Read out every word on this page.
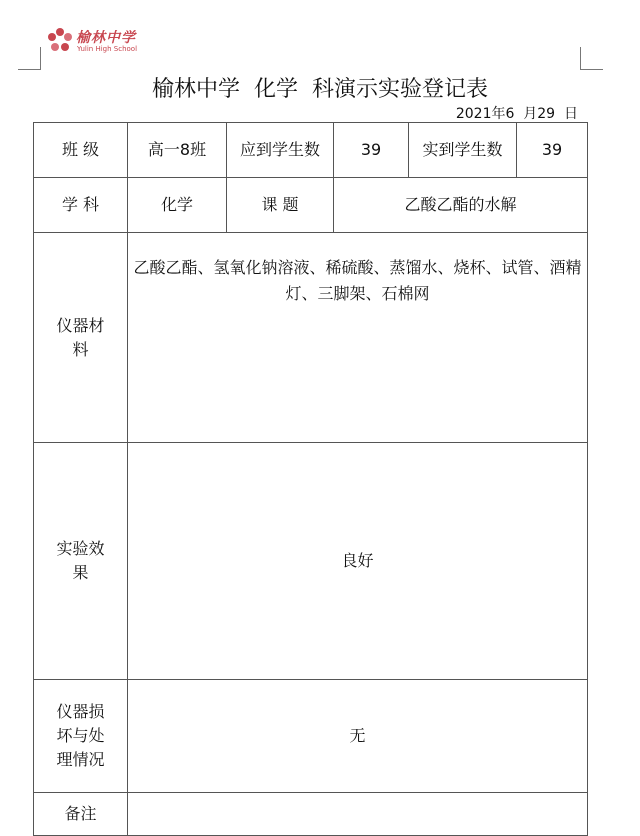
榆林中学
Yulin High School
榆林中学  化学  科演示实验登记表
2021年6  月29  日
班 级	高一8班	应到学生数	39	实到学生数	39
学 科	化学	课 题	乙酸乙酯的水解		
仪器材料	乙酸乙酯、氢氧化钠溶液、稀硫酸、蒸馏水、烧杯、试管、酒精灯、三脚架、石棉网				
实验效果	良好				
仪器损坏与处理情况	无				
备注					
